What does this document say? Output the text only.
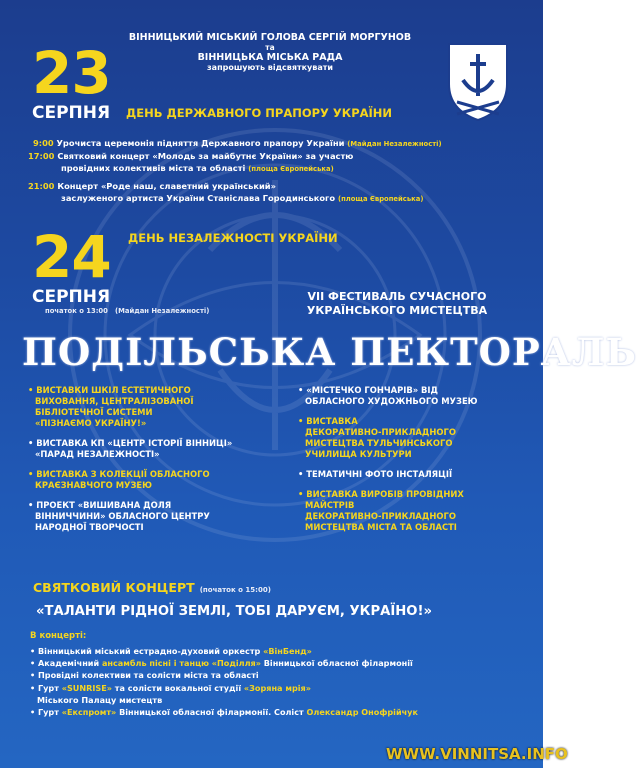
ВІННИЦЬКИЙ МІСЬКИЙ ГОЛОВА СЕРГІЙ МОРГУНОВ
та
ВІННИЦЬКА МІСЬКА РАДА
запрошують відсвяткувати
23
СЕРПНЯ ДЕНЬ ДЕРЖАВНОГО ПРАПОРУ УКРАЇНИ
9:00 Урочиста церемонія підняття Державного прапору України (Майдан Незалежності)
17:00 Святковий концерт «Молодь за майбутнє України» за участю
провідних колективів міста та області (площа Європейська)
21:00 Концерт «Роде наш, славетний український»
заслуженого артиста України Станіслава Городинського (площа Європейська)
24 ДЕНЬ НЕЗАЛЕЖНОСТІ УКРАЇНИ
СЕРПНЯ
початок о 13:00 (Майдан Незалежності)
VII ФЕСТИВАЛЬ СУЧАСНОГО
УКРАЇНСЬКОГО МИСТЕЦТВА
ПОДІЛЬСЬКА ПЕКТОРАЛЬ
• ВИСТАВКИ ШКІЛ ЕСТЕТИЧНОГО
ВИХОВАННЯ, ЦЕНТРАЛІЗОВАНОЇ
БІБЛІОТЕЧНОЇ СИСТЕМИ
«ПІЗНАЄМО УКРАЇНУ!»
• ВИСТАВКА КП «ЦЕНТР ІСТОРІЇ ВІННИЦІ»
«ПАРАД НЕЗАЛЕЖНОСТІ»
• ВИСТАВКА З КОЛЕКЦІЇ ОБЛАСНОГО
КРАЄЗНАВЧОГО МУЗЕЮ
• ПРОЕКТ «ВИШИВАНА ДОЛЯ
ВІННИЧЧИНИ» ОБЛАСНОГО ЦЕНТРУ
НАРОДНОЇ ТВОРЧОСТІ
• «МІСТЕЧКО ГОНЧАРІВ» ВІД
ОБЛАСНОГО ХУДОЖНЬОГО МУЗЕЮ
• ВИСТАВКА
ДЕКОРАТИВНО-ПРИКЛАДНОГО
МИСТЕЦТВА ТУЛЬЧИНСЬКОГО
УЧИЛИЩА КУЛЬТУРИ
• ТЕМАТИЧНІ ФОТО ІНСТАЛЯЦІЇ
• ВИСТАВКА ВИРОБІВ ПРОВІДНИХ
МАЙСТРІВ
ДЕКОРАТИВНО-ПРИКЛАДНОГО
МИСТЕЦТВА МІСТА ТА ОБЛАСТІ
СВЯТКОВИЙ КОНЦЕРТ (початок о 15:00)
«ТАЛАНТИ РІДНОЇ ЗЕМЛІ, ТОБІ ДАРУЄМ, УКРАЇНО!»
В концерті:
• Вінницький міський естрадно-духовий оркестр «ВінБенд»
• Академічний ансамбль пісні і танцю «Поділля» Вінницької обласної філармонії
• Провідні колективи та солісти міста та області
• Гурт «SUNRISE» та солісти вокальної студії «Зоряна мрія»
Міського Палацу мистецтв
• Гурт «Експромт» Вінницької обласної філармонії. Соліст Олександр Онофрійчук
WWW.VINNITSA.INFO
